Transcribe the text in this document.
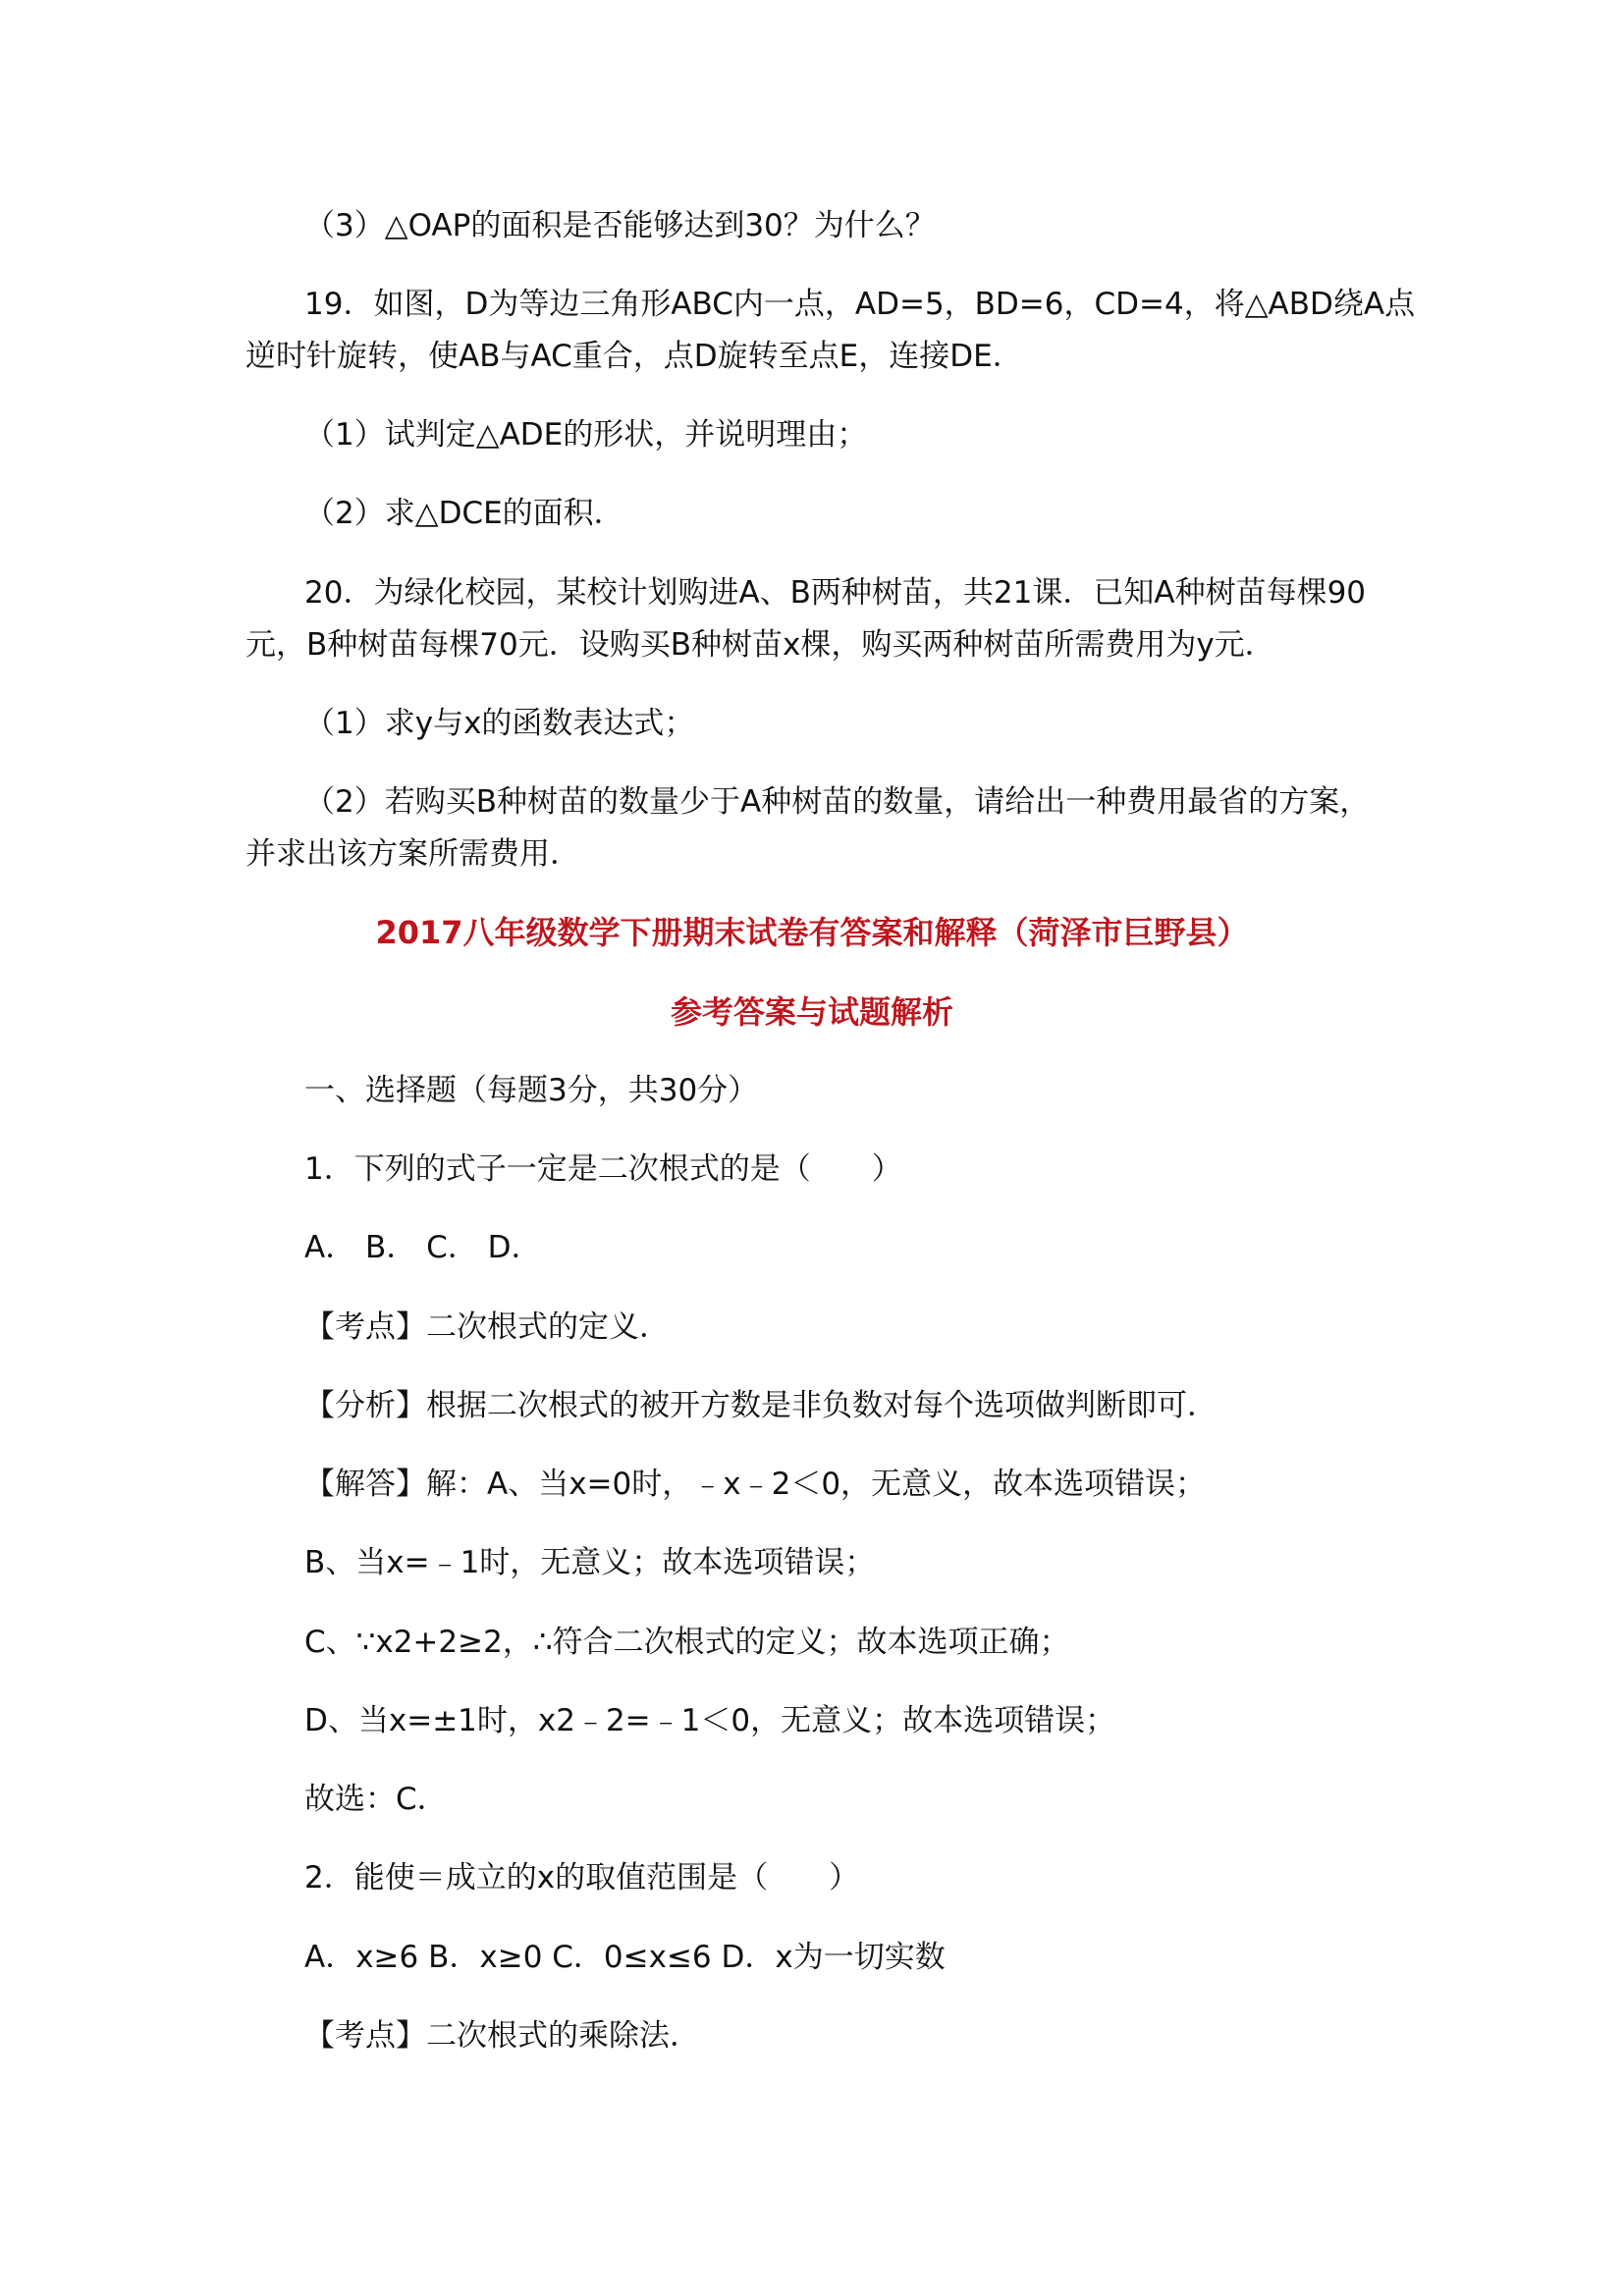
（3）△OAP的面积是否能够达到30？为什么？
19．如图，D为等边三角形ABC内一点，AD=5，BD=6，CD=4，将△ABD绕A点
逆时针旋转，使AB与AC重合，点D旋转至点E，连接DE．
（1）试判定△ADE的形状，并说明理由；
（2）求△DCE的面积．
20．为绿化校园，某校计划购进A、B两种树苗，共21课．已知A种树苗每棵90
元，B种树苗每棵70元．设购买B种树苗x棵，购买两种树苗所需费用为y元．
（1）求y与x的函数表达式；
（2）若购买B种树苗的数量少于A种树苗的数量，请给出一种费用最省的方案，
并求出该方案所需费用．
2017八年级数学下册期末试卷有答案和解释（菏泽市巨野县）
参考答案与试题解析
一、选择题（每题3分，共30分）
1．下列的式子一定是二次根式的是（　　）
A． B． C． D．
【考点】二次根式的定义．
【分析】根据二次根式的被开方数是非负数对每个选项做判断即可．
【解答】解：A、当x=0时，﹣x﹣2＜0，无意义，故本选项错误；
B、当x=﹣1时，无意义；故本选项错误；
C、∵x2+2≥2，∴符合二次根式的定义；故本选项正确；
D、当x=±1时，x2﹣2=﹣1＜0，无意义；故本选项错误；
故选：C．
2．能使＝成立的x的取值范围是（　　）
A．x≥6 B．x≥0 C．0≤x≤6 D．x为一切实数
【考点】二次根式的乘除法．
